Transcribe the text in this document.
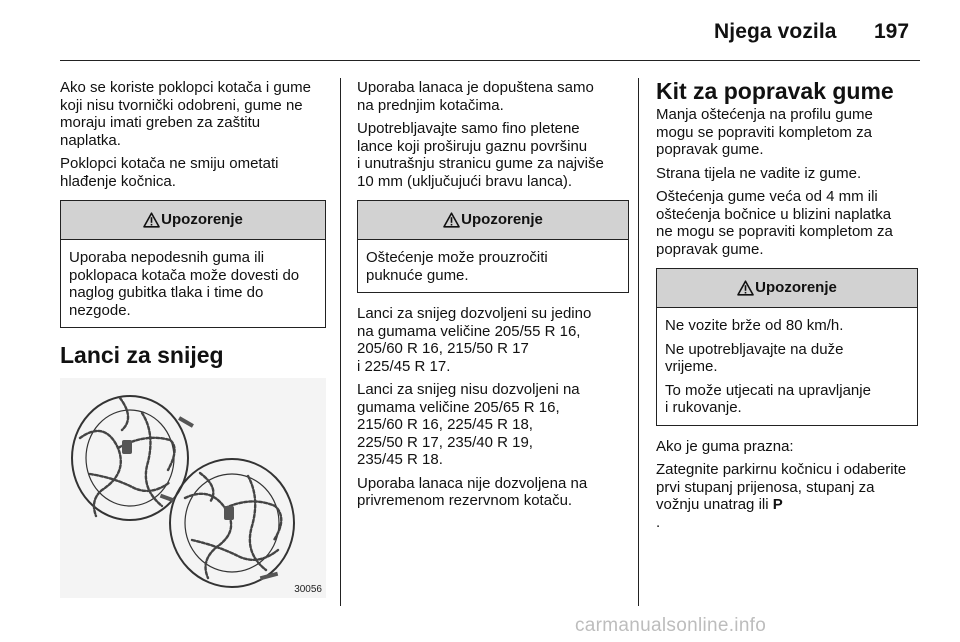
Njega vozila 197

Ako se koriste poklopci kotača i gume
koji nisu tvornički odobreni, gume ne
moraju imati greben za zaštitu
naplatka.

Poklopci kotača ne smiju ometati
hlađenje kočnica.

Upozorenje

Uporaba nepodesnih guma ili
poklopaca kotača može dovesti do
naglog gubitka tlaka i time do
nezgode.

Lanci za snijeg
30056

Uporaba lanaca je dopuštena samo
na prednjim kotačima.

Upotrebljavajte samo fino pletene
lance koji proširuju gaznu površinu
i unutrašnju stranicu gume za najviše
10 mm (uključujući bravu lanca).

Upozorenje

Oštećenje može prouzročiti
puknuće gume.

Lanci za snijeg dozvoljeni su jedino
na gumama veličine 205/55 R 16,
205/60 R 16, 215/50 R 17
i 225/45 R 17.

Lanci za snijeg nisu dozvoljeni na
gumama veličine 205/65 R 16,
215/60 R 16, 225/45 R 18,
225/50 R 17, 235/40 R 19,
235/45 R 18.

Uporaba lanaca nije dozvoljena na
privremenom rezervnom kotaču.

Kit za popravak gume

Manja oštećenja na profilu gume
mogu se popraviti kompletom za
popravak gume.

Strana tijela ne vadite iz gume.

Oštećenja gume veća od 4 mm ili
oštećenja bočnice u blizini naplatka
ne mogu se popraviti kompletom za
popravak gume.

Upozorenje

Ne vozite brže od 80 km/h.

Ne upotrebljavajte na duže
vrijeme.

To može utjecati na upravljanje
i rukovanje.

Ako je guma prazna:

Zategnite parkirnu kočnicu i odaberite
prvi stupanj prijenosa, stupanj za
vožnju unatrag ili P
.

carmanualsonline.info
